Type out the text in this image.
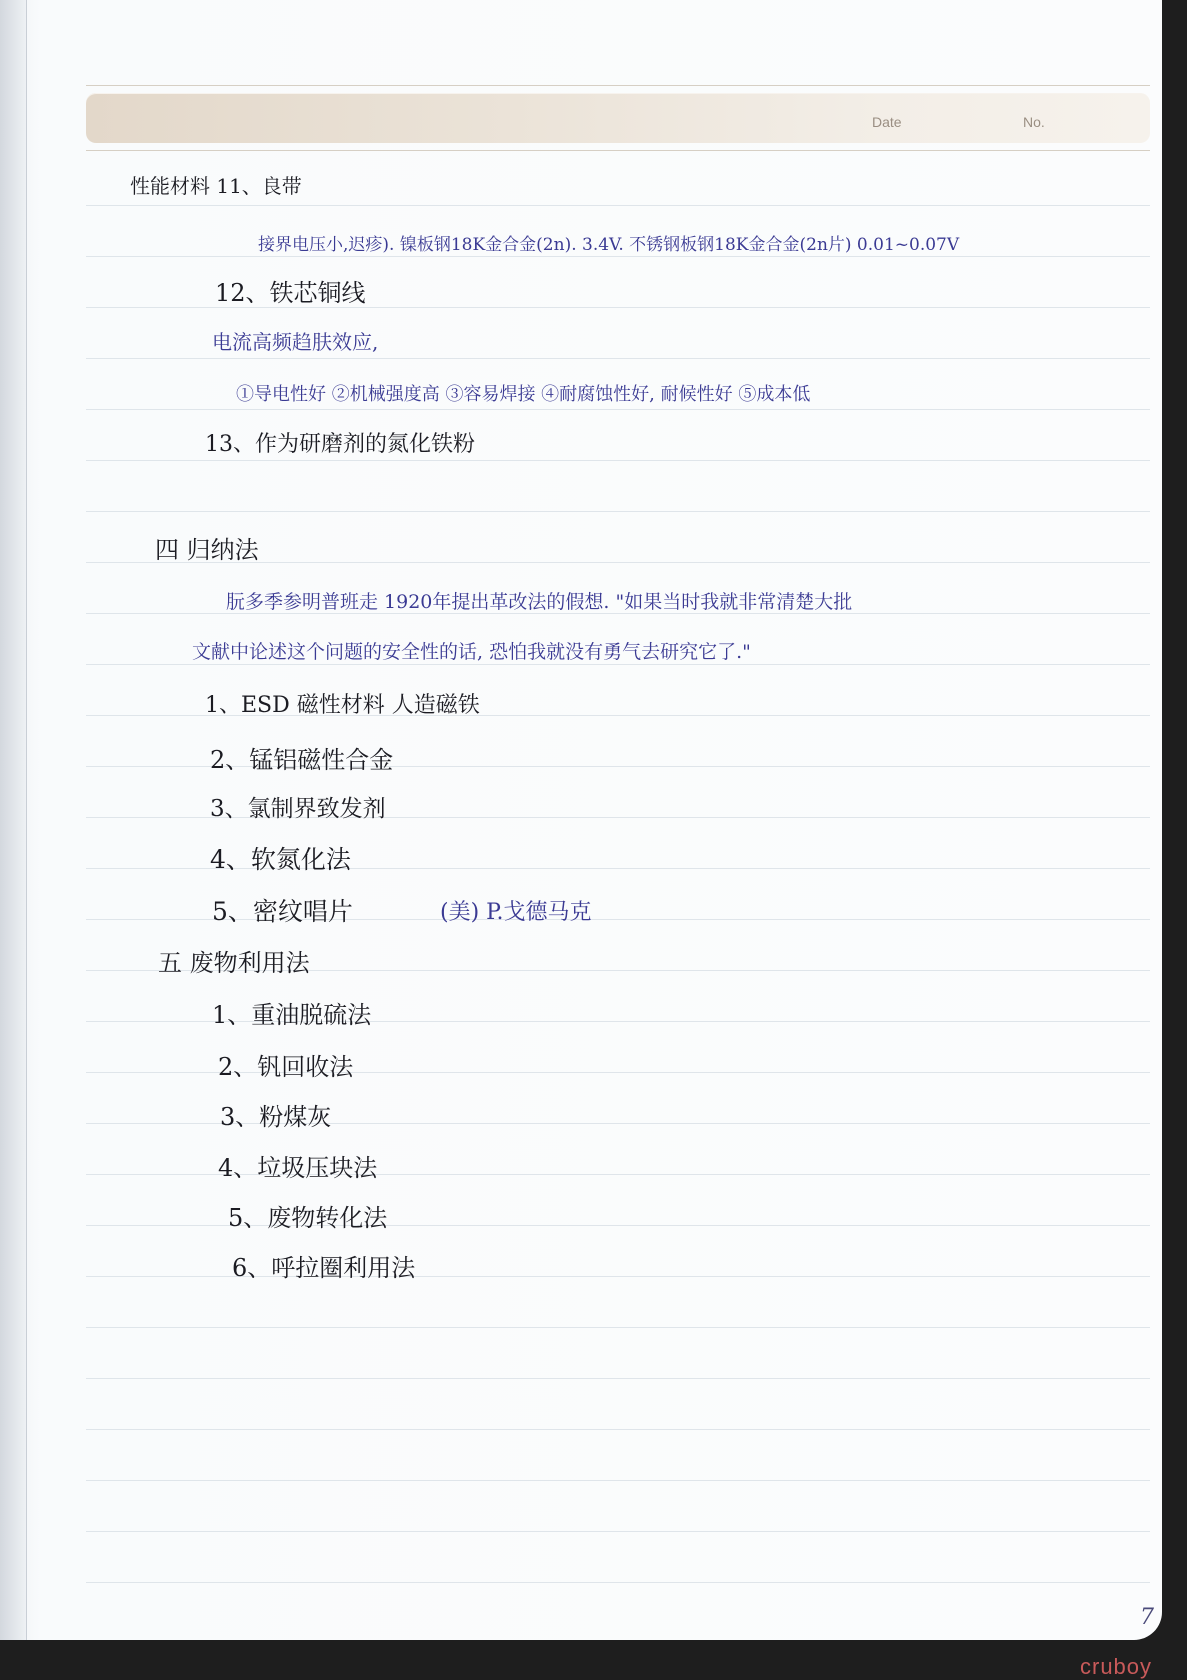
Date	No.
性能材料 11、良带
接界电压小,迟疹). 镍板钢18K金合金(2n). 3.4V. 不锈钢板钢18K金合金(2n片) 0.01~0.07V
12、铁芯铜线
电流高频趋肤效应,
①导电性好 ②机械强度高 ③容易焊接 ④耐腐蚀性好, 耐候性好 ⑤成本低
13、作为研磨剂的氮化铁粉
四 归纳法
朊多季参明普班走 1920年提出革改法的假想. "如果当时我就非常清楚大批
文献中论述这个问题的安全性的话, 恐怕我就没有勇气去研究它了."
1、ESD 磁性材料 人造磁铁
2、锰铝磁性合金
3、氯制界致发剂
4、软氮化法
5、密纹唱片	(美) P.戈德马克
五 废物利用法
1、重油脱硫法
2、钒回收法
3、粉煤灰
4、垃圾压块法
5、废物转化法
6、呼拉圈利用法
7
cruboy
